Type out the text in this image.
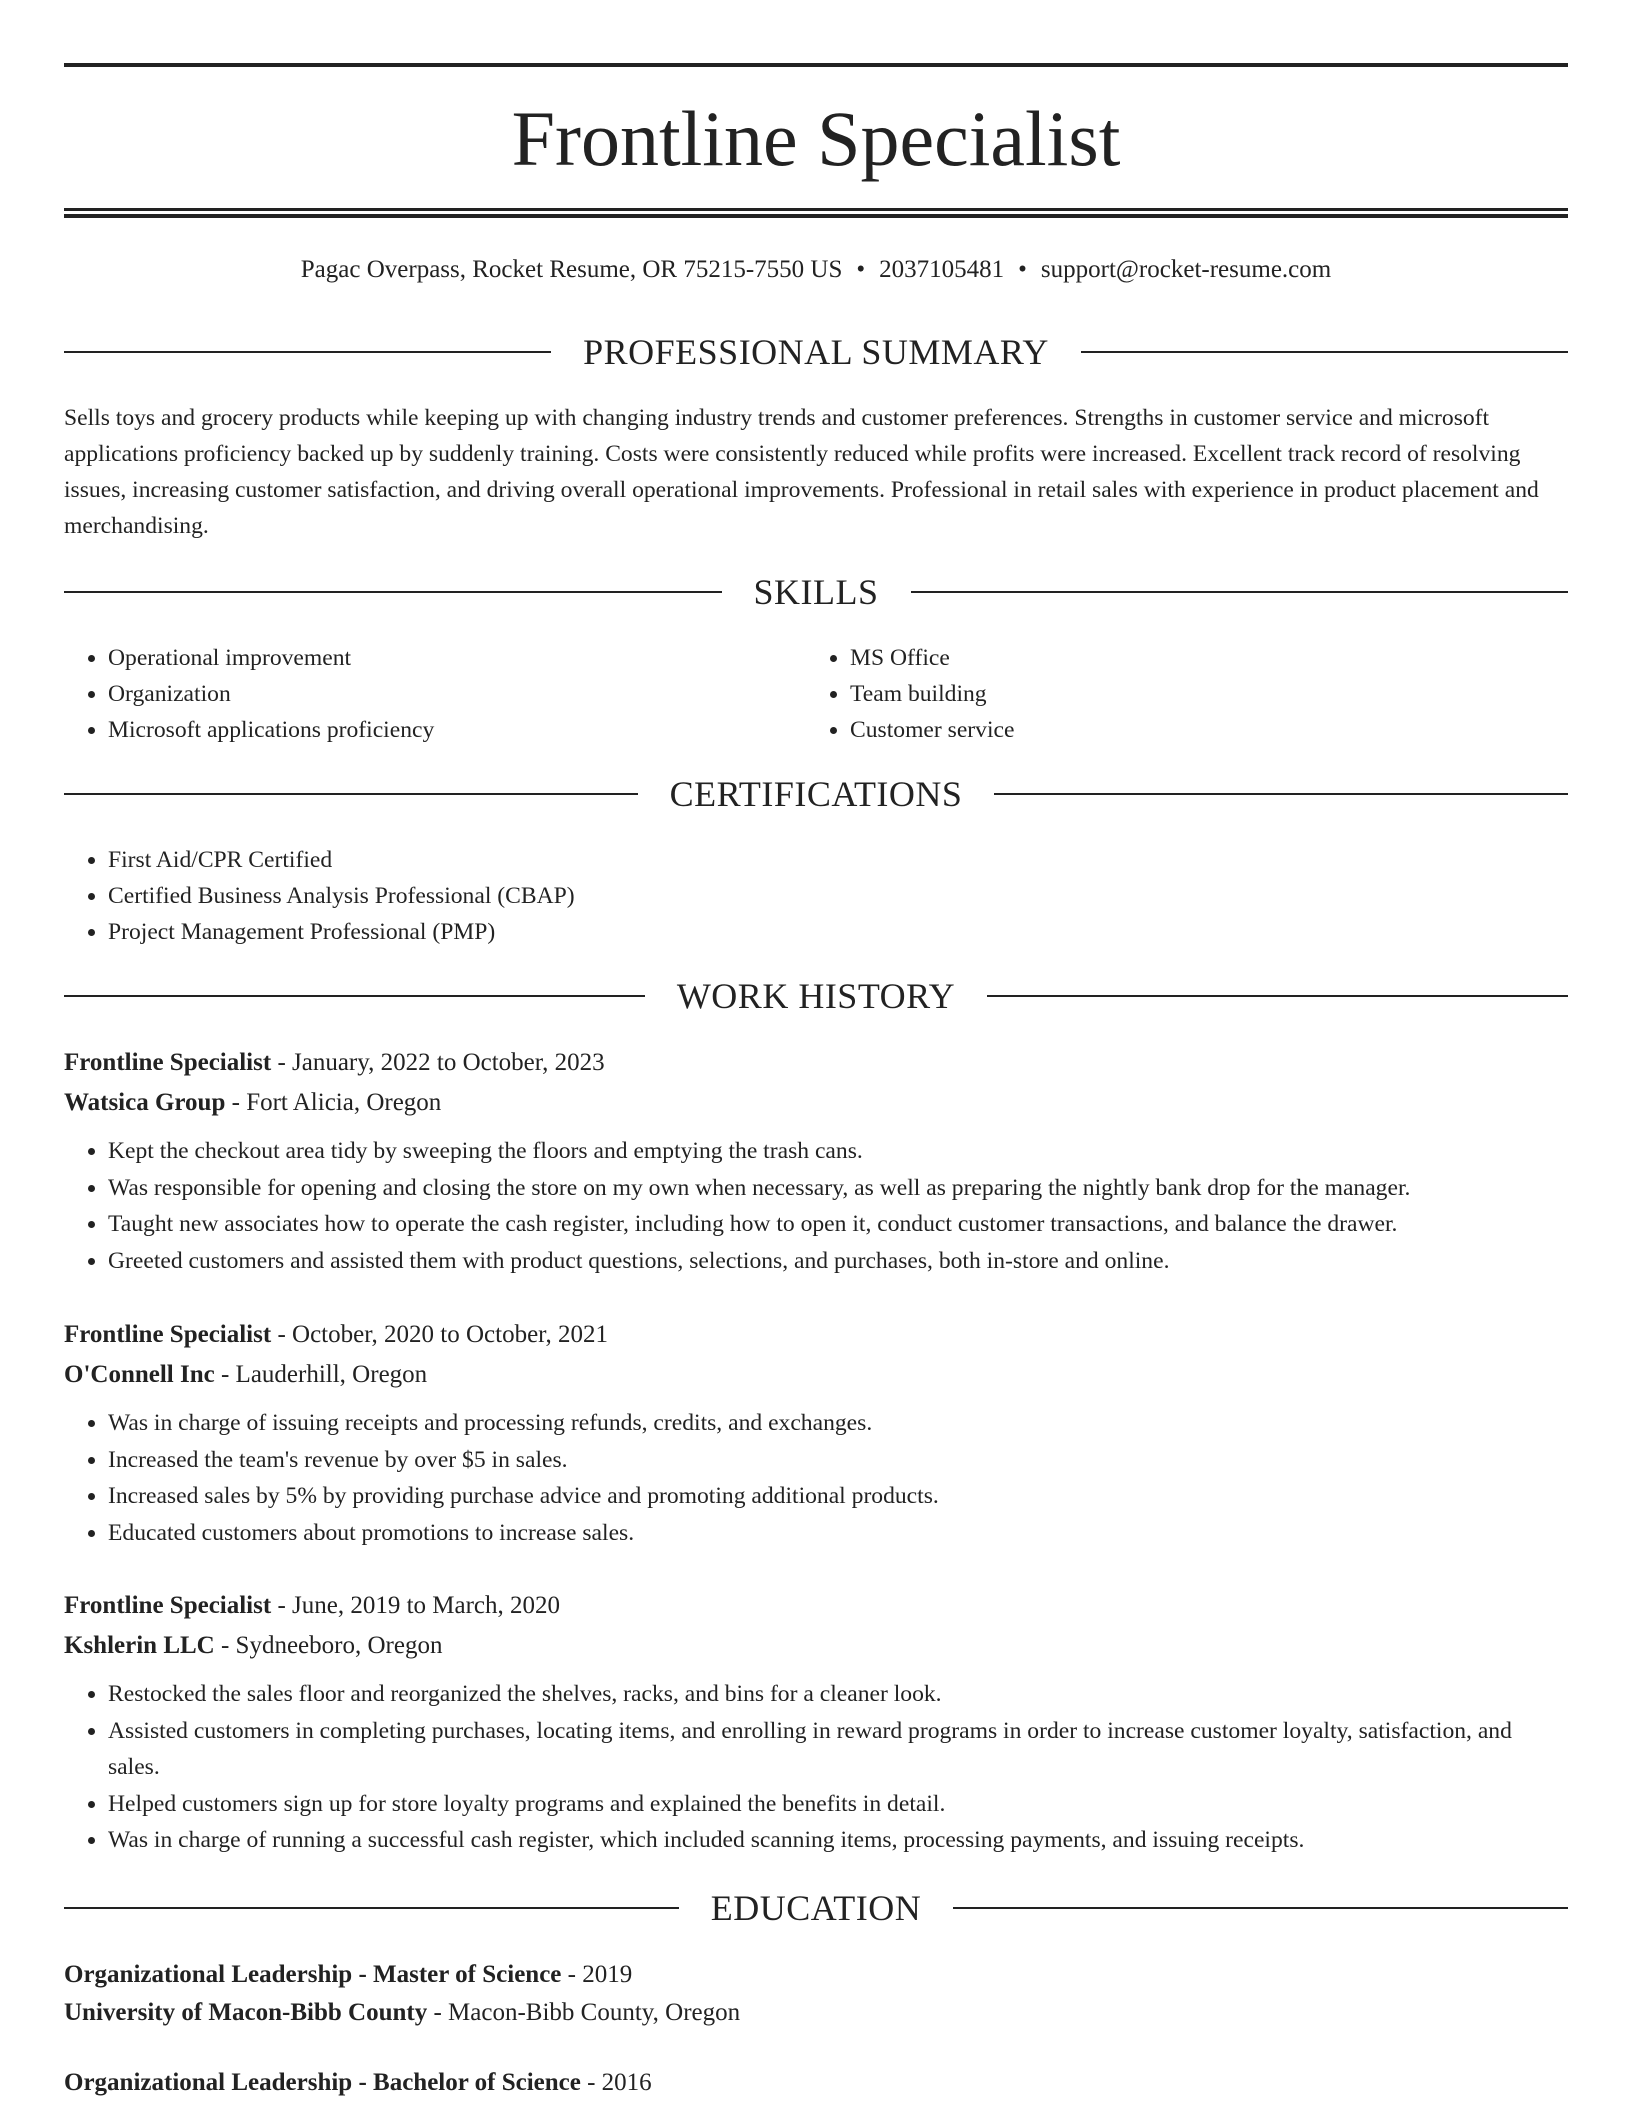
Frontline Specialist
Pagac Overpass, Rocket Resume, OR 75215-7550 US • 2037105481 • support@rocket-resume.com
PROFESSIONAL SUMMARY

Sells toys and grocery products while keeping up with changing industry trends and customer preferences. Strengths in customer service and microsoft applications proficiency backed up by suddenly training. Costs were consistently reduced while profits were increased. Excellent track record of resolving issues, increasing customer satisfaction, and driving overall operational improvements. Professional in retail sales with experience in product placement and merchandising.

SKILLS
• Operational improvement
• Organization
• Microsoft applications proficiency
• MS Office
• Team building
• Customer service
CERTIFICATIONS
• First Aid/CPR Certified
• Certified Business Analysis Professional (CBAP)
• Project Management Professional (PMP)
WORK HISTORY
Frontline Specialist - January, 2022 to October, 2023
Watsica Group - Fort Alicia, Oregon
• Kept the checkout area tidy by sweeping the floors and emptying the trash cans.
• Was responsible for opening and closing the store on my own when necessary, as well as preparing the nightly bank drop for the manager.
• Taught new associates how to operate the cash register, including how to open it, conduct customer transactions, and balance the drawer.
• Greeted customers and assisted them with product questions, selections, and purchases, both in-store and online.
Frontline Specialist - October, 2020 to October, 2021
O'Connell Inc - Lauderhill, Oregon
• Was in charge of issuing receipts and processing refunds, credits, and exchanges.
• Increased the team's revenue by over $5 in sales.
• Increased sales by 5% by providing purchase advice and promoting additional products.
• Educated customers about promotions to increase sales.
Frontline Specialist - June, 2019 to March, 2020
Kshlerin LLC - Sydneeboro, Oregon
• Restocked the sales floor and reorganized the shelves, racks, and bins for a cleaner look.
• Assisted customers in completing purchases, locating items, and enrolling in reward programs in order to increase customer loyalty, satisfaction, and sales.
• Helped customers sign up for store loyalty programs and explained the benefits in detail.
• Was in charge of running a successful cash register, which included scanning items, processing payments, and issuing receipts.
EDUCATION
Organizational Leadership - Master of Science - 2019
University of Macon-Bibb County - Macon-Bibb County, Oregon
Organizational Leadership - Bachelor of Science - 2016
